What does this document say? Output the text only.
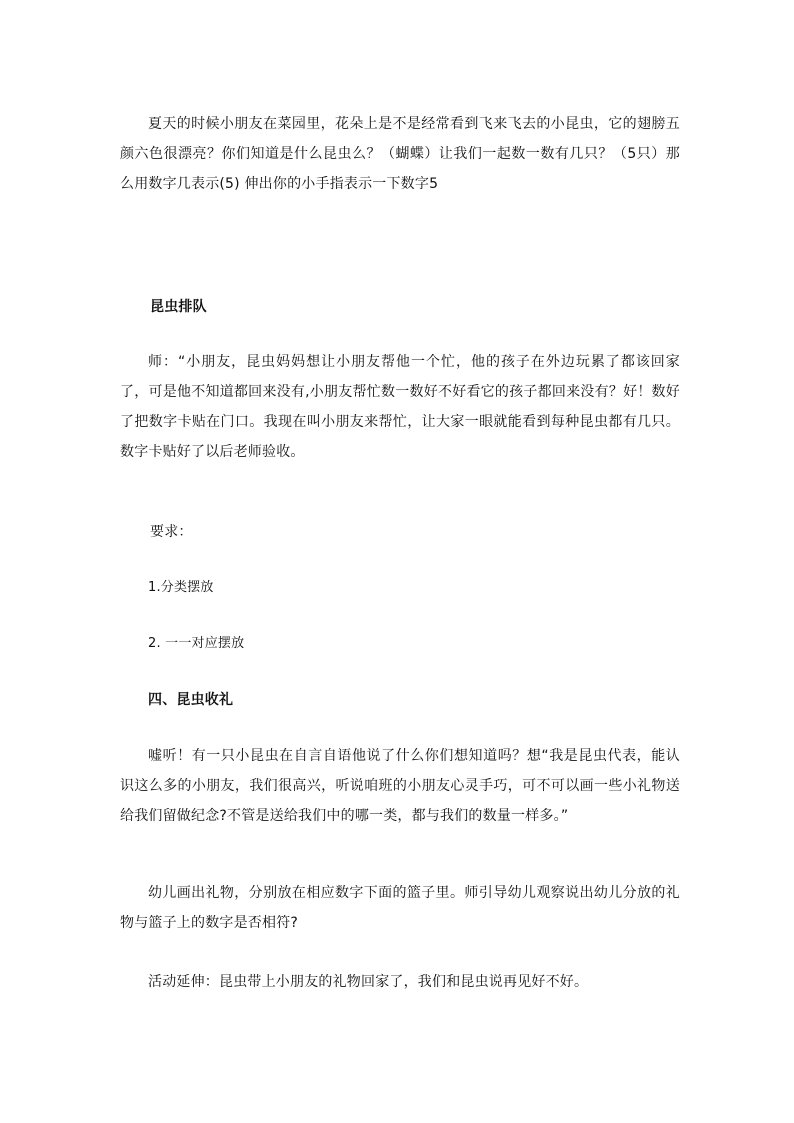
夏天的时候小朋友在菜园里，花朵上是不是经常看到飞来飞去的小昆虫，它的翅膀五颜六色很漂亮？你们知道是什么昆虫么？（蝴蝶）让我们一起数一数有几只？（5只）那么用数字几表示(5) 伸出你的小手指表示一下数字5

昆虫排队

师：“小朋友，昆虫妈妈想让小朋友帮他一个忙，他的孩子在外边玩累了都该回家了，可是他不知道都回来没有,小朋友帮忙数一数好不好看它的孩子都回来没有？好！数好了把数字卡贴在门口。我现在叫小朋友来帮忙，让大家一眼就能看到每种昆虫都有几只。数字卡贴好了以后老师验收。

要求：

1.分类摆放

2. 一一对应摆放

四、昆虫收礼

嘘听！有一只小昆虫在自言自语他说了什么你们想知道吗？想“我是昆虫代表，能认识这么多的小朋友，我们很高兴，听说咱班的小朋友心灵手巧，可不可以画一些小礼物送给我们留做纪念?不管是送给我们中的哪一类，都与我们的数量一样多。”

幼儿画出礼物，分别放在相应数字下面的篮子里。师引导幼儿观察说出幼儿分放的礼物与篮子上的数字是否相符?

活动延伸：昆虫带上小朋友的礼物回家了，我们和昆虫说再见好不好。
